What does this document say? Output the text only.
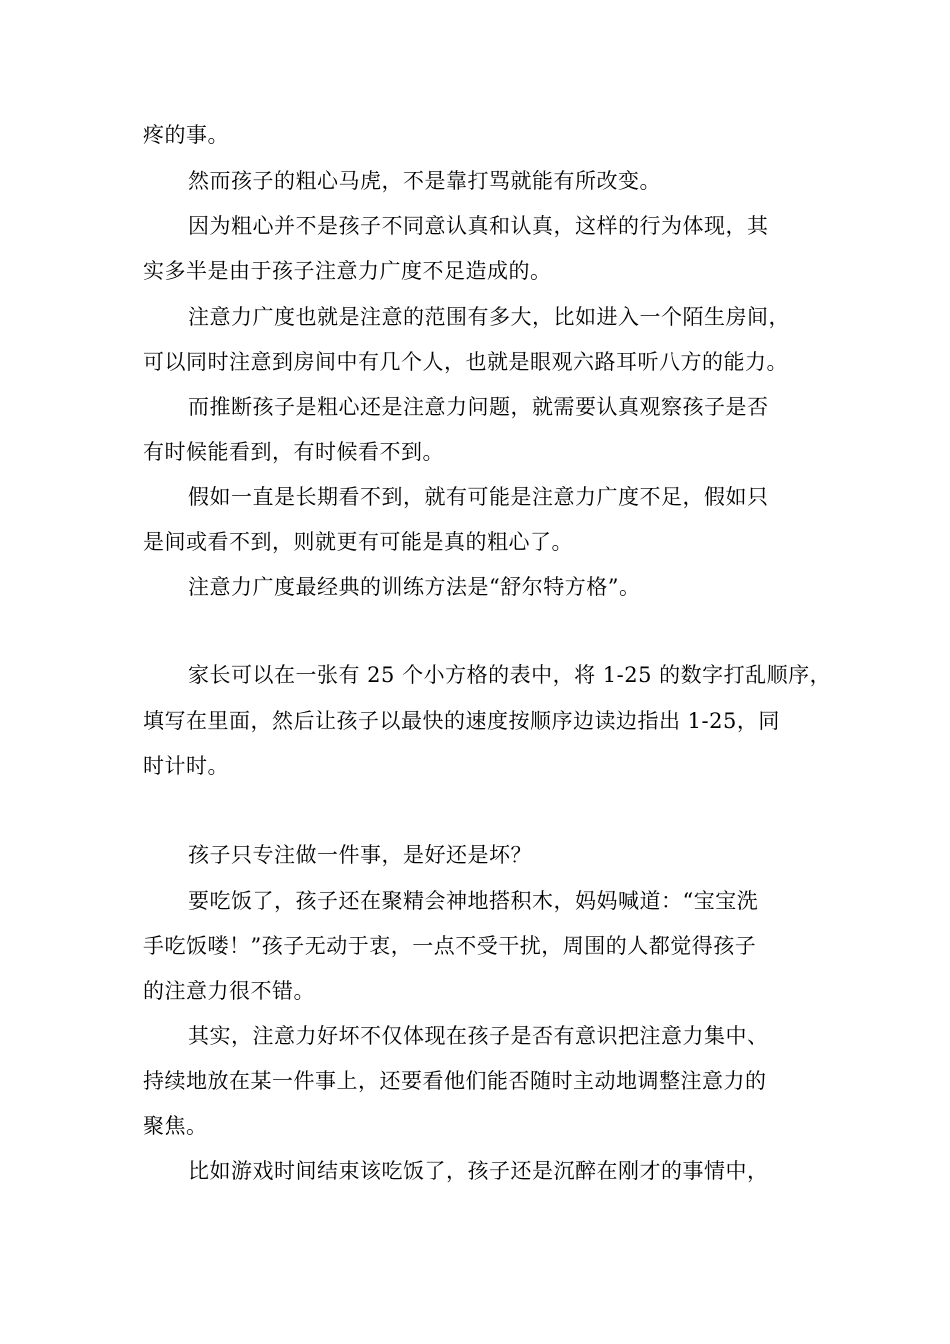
疼的事。
然而孩子的粗心马虎，不是靠打骂就能有所改变。
因为粗心并不是孩子不同意认真和认真，这样的行为体现，其
实多半是由于孩子注意力广度不足造成的。
注意力广度也就是注意的范围有多大，比如进入一个陌生房间，
可以同时注意到房间中有几个人，也就是眼观六路耳听八方的能力。
而推断孩子是粗心还是注意力问题，就需要认真观察孩子是否
有时候能看到，有时候看不到。
假如一直是长期看不到，就有可能是注意力广度不足，假如只
是间或看不到，则就更有可能是真的粗心了。
注意力广度最经典的训练方法是“舒尔特方格”。
家长可以在一张有 25 个小方格的表中，将 1-25 的数字打乱顺序，
填写在里面，然后让孩子以最快的速度按顺序边读边指出 1-25，同
时计时。
孩子只专注做一件事，是好还是坏？
要吃饭了，孩子还在聚精会神地搭积木，妈妈喊道：“宝宝洗
手吃饭喽！”孩子无动于衷，一点不受干扰，周围的人都觉得孩子
的注意力很不错。
其实，注意力好坏不仅体现在孩子是否有意识把注意力集中、
持续地放在某一件事上，还要看他们能否随时主动地调整注意力的
聚焦。
比如游戏时间结束该吃饭了，孩子还是沉醉在刚才的事情中，
